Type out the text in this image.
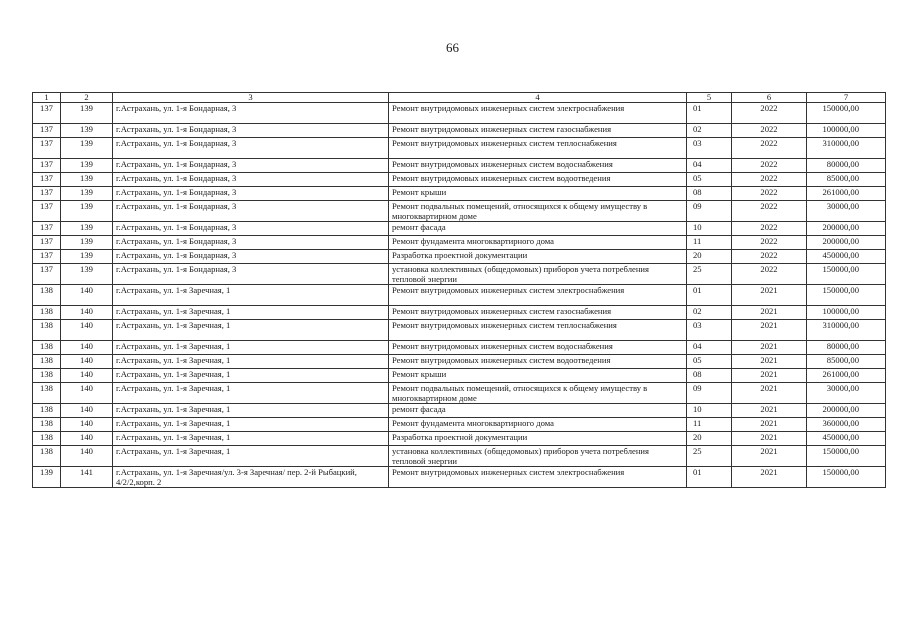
66
1	2	3	4	5	6	7
137	139	г.Астрахань, ул. 1-я Бондарная, 3	Ремонт внутридомовых инженерных систем электроснабжения	01	2022	150000,00
137	139	г.Астрахань, ул. 1-я Бондарная, 3	Ремонт внутридомовых инженерных систем газоснабжения	02	2022	100000,00
137	139	г.Астрахань, ул. 1-я Бондарная, 3	Ремонт внутридомовых инженерных систем теплоснабжения	03	2022	310000,00
137	139	г.Астрахань, ул. 1-я Бондарная, 3	Ремонт внутридомовых инженерных систем водоснабжения	04	2022	80000,00
137	139	г.Астрахань, ул. 1-я Бондарная, 3	Ремонт внутридомовых инженерных систем водоотведения	05	2022	85000,00
137	139	г.Астрахань, ул. 1-я Бондарная, 3	Ремонт крыши	08	2022	261000,00
137	139	г.Астрахань, ул. 1-я Бондарная, 3	Ремонт подвальных помещений, относящихся к общему имуществу в многоквартирном доме	09	2022	30000,00
137	139	г.Астрахань, ул. 1-я Бондарная, 3	ремонт фасада	10	2022	200000,00
137	139	г.Астрахань, ул. 1-я Бондарная, 3	Ремонт фундамента многоквартирного дома	11	2022	200000,00
137	139	г.Астрахань, ул. 1-я Бондарная, 3	Разработка проектной документации	20	2022	450000,00
137	139	г.Астрахань, ул. 1-я Бондарная, 3	установка коллективных (общедомовых) приборов учета потребления тепловой энергии	25	2022	150000,00
138	140	г.Астрахань, ул. 1-я Заречная, 1	Ремонт внутридомовых инженерных систем электроснабжения	01	2021	150000,00
138	140	г.Астрахань, ул. 1-я Заречная, 1	Ремонт внутридомовых инженерных систем газоснабжения	02	2021	100000,00
138	140	г.Астрахань, ул. 1-я Заречная, 1	Ремонт внутридомовых инженерных систем теплоснабжения	03	2021	310000,00
138	140	г.Астрахань, ул. 1-я Заречная, 1	Ремонт внутридомовых инженерных систем водоснабжения	04	2021	80000,00
138	140	г.Астрахань, ул. 1-я Заречная, 1	Ремонт внутридомовых инженерных систем водоотведения	05	2021	85000,00
138	140	г.Астрахань, ул. 1-я Заречная, 1	Ремонт крыши	08	2021	261000,00
138	140	г.Астрахань, ул. 1-я Заречная, 1	Ремонт подвальных помещений, относящихся к общему имуществу в многоквартирном доме	09	2021	30000,00
138	140	г.Астрахань, ул. 1-я Заречная, 1	ремонт фасада	10	2021	200000,00
138	140	г.Астрахань, ул. 1-я Заречная, 1	Ремонт фундамента многоквартирного дома	11	2021	360000,00
138	140	г.Астрахань, ул. 1-я Заречная, 1	Разработка проектной документации	20	2021	450000,00
138	140	г.Астрахань, ул. 1-я Заречная, 1	установка коллективных (общедомовых) приборов учета потребления тепловой энергии	25	2021	150000,00
139	141	г.Астрахань, ул. 1-я Заречная/ул. 3-я Заречная/ пер. 2-й Рыбацкий, 4/2/2,корп. 2	Ремонт внутридомовых инженерных систем электроснабжения	01	2021	150000,00
